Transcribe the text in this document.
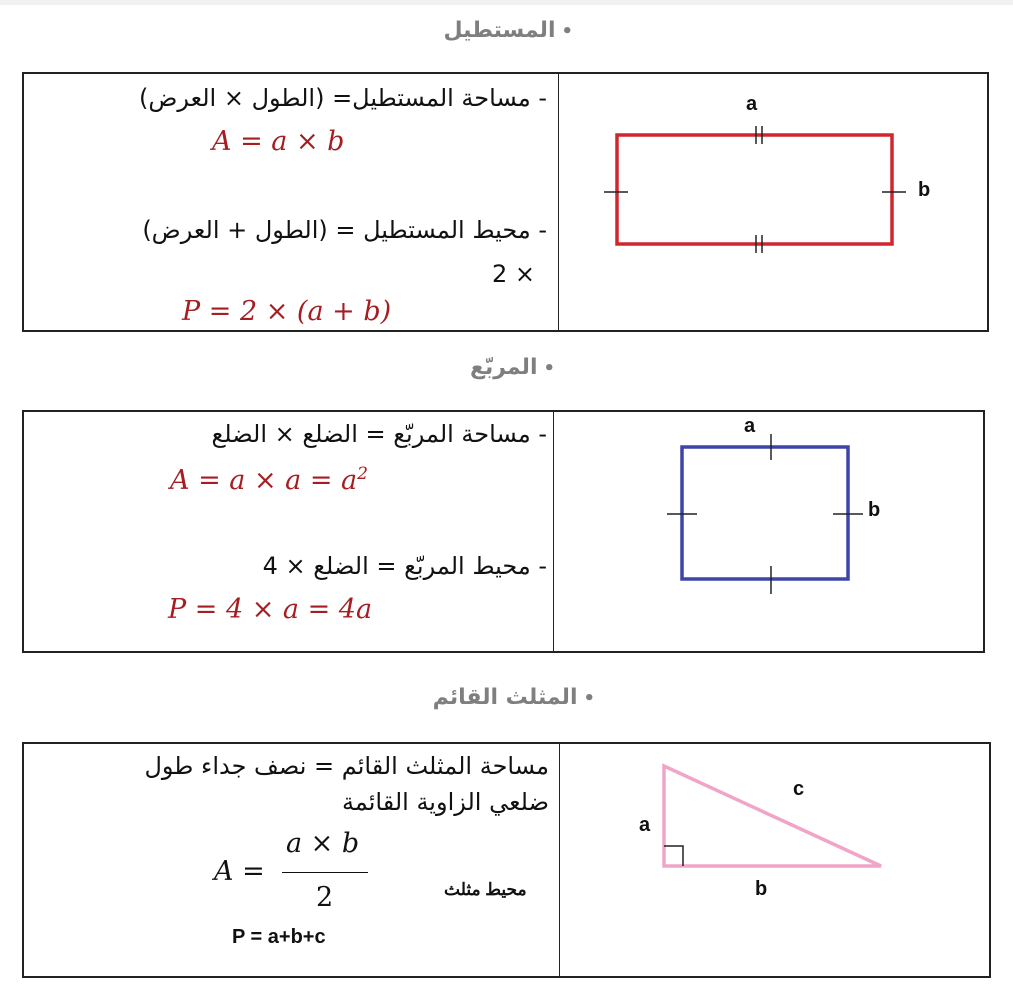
•المستطيل
- مساحة المستطيل= (الطول × العرض)
A = a × b
- محيط المستطيل = (الطول + العرض)
2 ×
P = 2 × (a + b)
a
b
•المربّع
- مساحة المربّع = الضلع × الضلع
$A = a \times a = a^2$
- محيط المربّع = الضلع × 4
P = 4 × a = 4a
a
b
•المثلث القائم
مساحة المثلث القائم = نصف جداء طول
ضلعي الزاوية القائمة
A =
a × b
2	محيط مثلث
P = a+b+c
a
b
c
